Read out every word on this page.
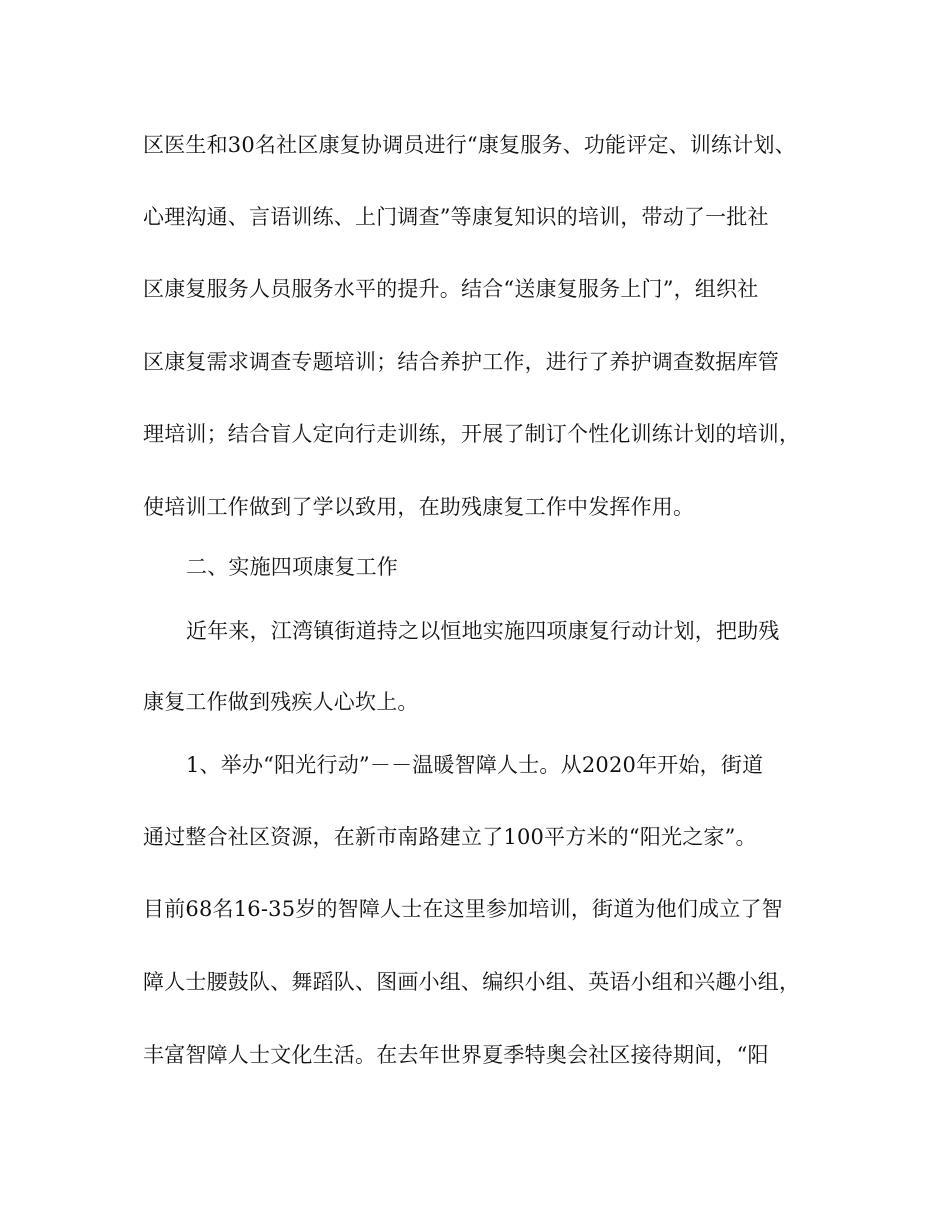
区医生和30名社区康复协调员进行“康复服务、功能评定、训练计划、
心理沟通、言语训练、上门调查”等康复知识的培训，带动了一批社
区康复服务人员服务水平的提升。结合“送康复服务上门”，组织社
区康复需求调查专题培训；结合养护工作，进行了养护调查数据库管
理培训；结合盲人定向行走训练，开展了制订个性化训练计划的培训，
使培训工作做到了学以致用，在助残康复工作中发挥作用。
二、实施四项康复工作
近年来，江湾镇街道持之以恒地实施四项康复行动计划，把助残
康复工作做到残疾人心坎上。
1、举办“阳光行动”－－温暖智障人士。从2020年开始，街道
通过整合社区资源，在新市南路建立了100平方米的“阳光之家”。
目前68名16-35岁的智障人士在这里参加培训，街道为他们成立了智
障人士腰鼓队、舞蹈队、图画小组、编织小组、英语小组和兴趣小组，
丰富智障人士文化生活。在去年世界夏季特奥会社区接待期间，“阳
